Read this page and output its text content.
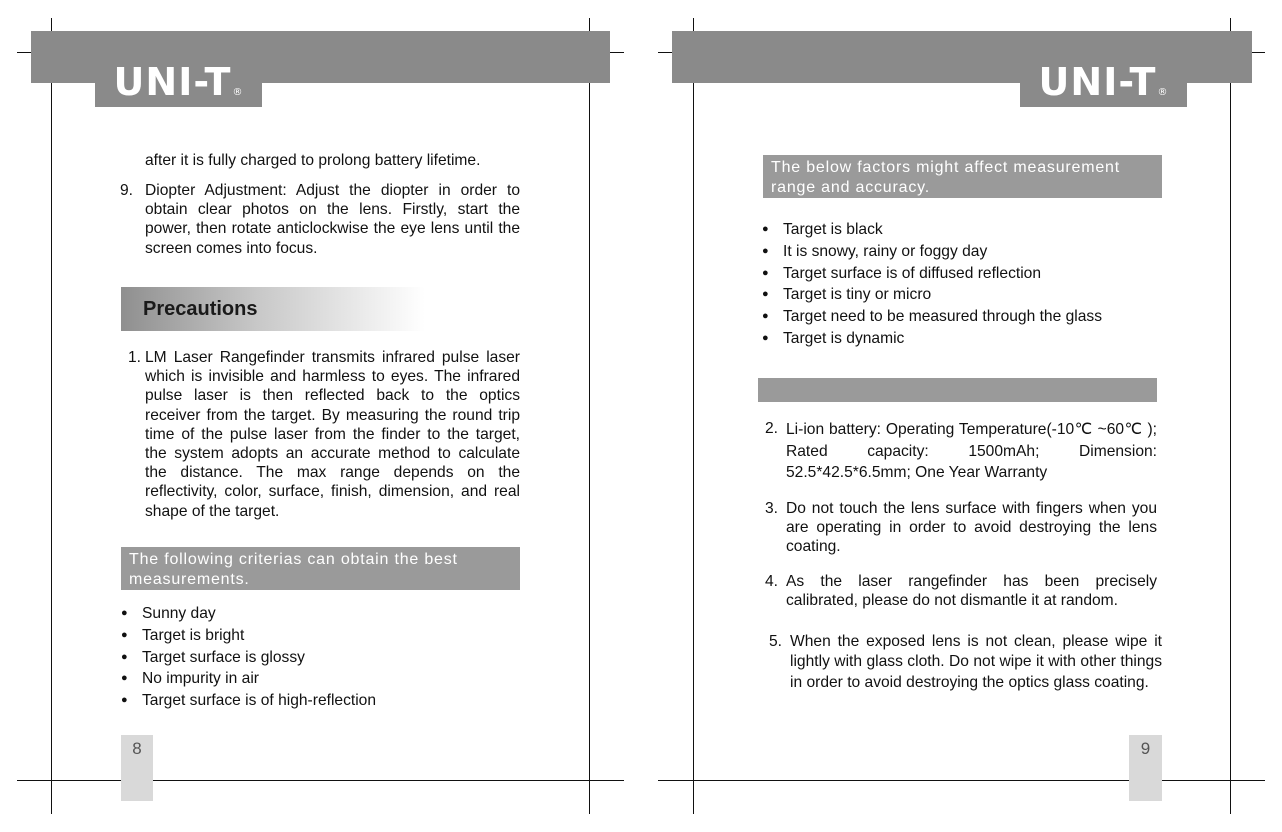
UNI-T®
after it is fully charged to prolong battery lifetime.
9. Diopter Adjustment: Adjust the diopter in order to obtain clear photos on the lens. Firstly, start the power, then rotate anticlockwise the eye lens until the screen comes into focus.
Precautions
1. LM Laser Rangefinder transmits infrared pulse laser which is invisible and harmless to eyes. The infrared pulse laser is then reflected back to the optics receiver from the target. By measuring the round trip time of the pulse laser from the finder to the target, the system adopts an accurate method to calculate the distance. The max range depends on the reflectivity, color, surface, finish, dimension, and real shape of the target.
The following criterias can obtain the best measurements.
● Sunny day
● Target is bright
● Target surface is glossy
● No impurity in air
● Target surface is of high-reflection
8
UNI-T®
The below factors might affect measurement range and accuracy.
● Target is black
● It is snowy, rainy or foggy day
● Target surface is of diffused reflection
● Target is tiny or micro
● Target need to be measured through the glass
● Target is dynamic
2. Li-ion battery: Operating Temperature(-10℃ ~60℃ ); Rated capacity: 1500mAh; Dimension: 52.5*42.5*6.5mm; One Year Warranty
3. Do not touch the lens surface with fingers when you are operating in order to avoid destroying the lens coating.
4. As the laser rangefinder has been precisely calibrated, please do not dismantle it at random.
5. When the exposed lens is not clean, please wipe it lightly with glass cloth. Do not wipe it with other things in order to avoid destroying the optics glass coating.
9
